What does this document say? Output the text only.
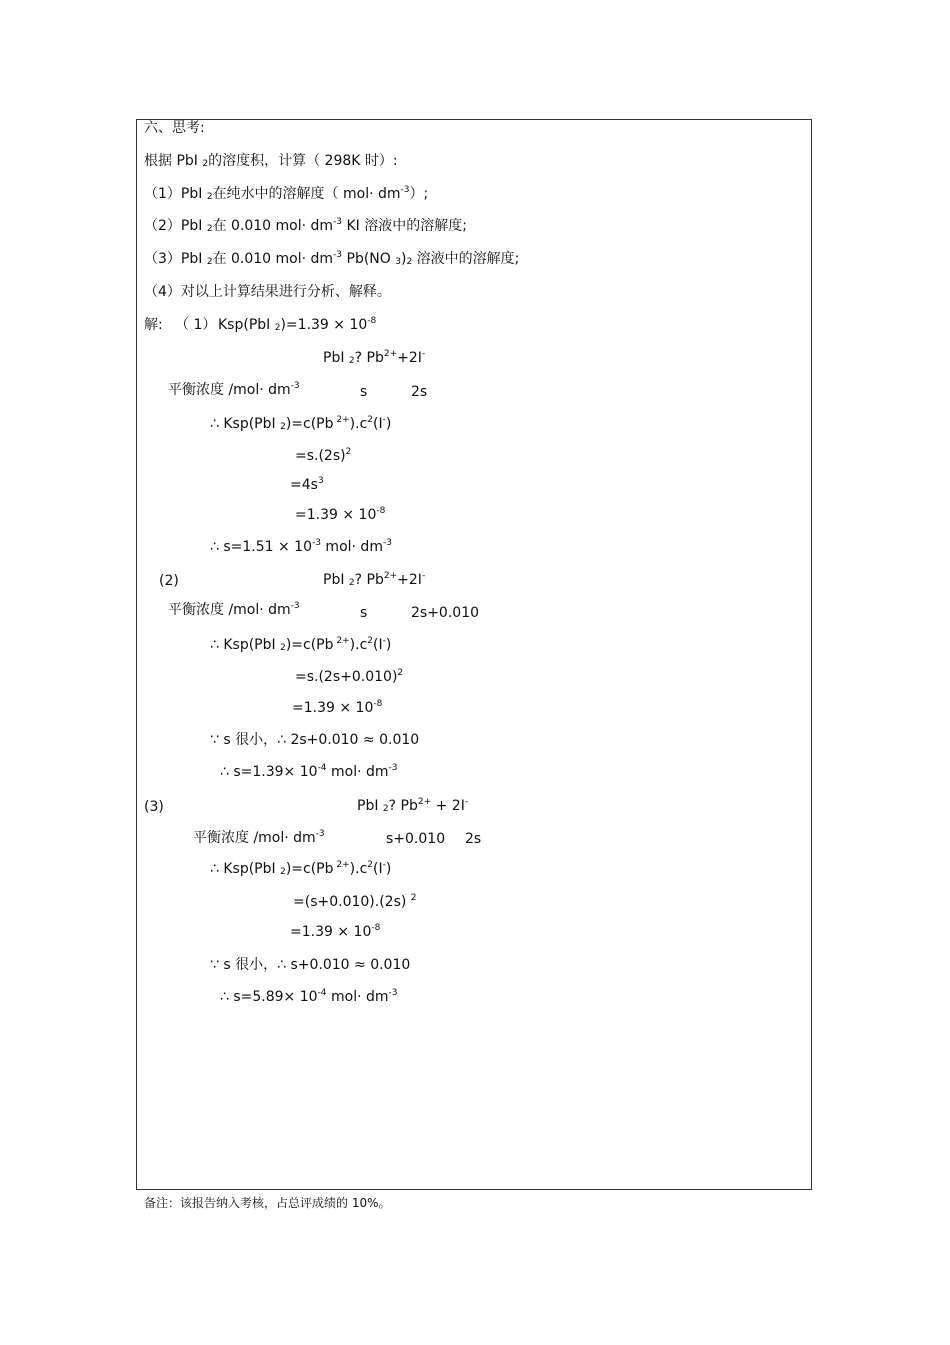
六、思考:
根据 PbI $_2$的溶度积，计算（ 298K 时）:
（1）PbI $_2$在纯水中的溶解度（ $mol\cdot dm^{-3}$）;
（2）PbI $_2$在 0.010 $mol\cdot dm^{-3}$ KI 溶液中的溶解度;
（3）PbI $_2$在 0.010 $mol\cdot dm^{-3}$ Pb(NO $_3)_2$ 溶液中的溶解度;
（4）对以上计算结果进行分析、解释。
解: （ 1） Ksp(PbI $_2)=1.39 \times 10^{-8}$
PbI $_2$? $Pb^{2+}+2I^-$
平衡浓度 $/mol\cdot dm^{-3}$	s	2s
∴ Ksp(PbI $_2$)=c(Pb $^{2+}).c^2(I^-)$
$=s.(2s)^2$
$=4s^3$
$=1.39 \times 10^{-8}$
∴ $s=1.51 \times 10^{-3}$ $mol\cdot dm^{-3}$
(2)	PbI $_2$? $Pb^{2+}+2I^-$
平衡浓度 $/mol\cdot dm^{-3}$	s	2s+0.010
∴ Ksp(PbI $_2$)=c(Pb $^{2+}).c^2(I^-)$
$=s.(2s+0.010)^2$
$=1.39 \times 10^{-8}$
∵ s 很小，∴ 2s+0.010 ≈ 0.010
∴ $s=1.39\times 10^{-4}$ $mol\cdot dm^{-3}$
(3)	PbI $_2$? $Pb^{2+} + 2I^-$
平衡浓度 $/mol\cdot dm^{-3}$	s+0.010 2s
∴ Ksp(PbI $_2$)=c(Pb $^{2+}).c^2(I^-)$
=(s+0.010).(2s) $^2$
$=1.39 \times 10^{-8}$
∵ s 很小，∴ s+0.010 ≈ 0.010
∴ $s=5.89\times 10^{-4}$ $mol\cdot dm^{-3}$
备注：该报告纳入考核，占总评成绩的 10%。
